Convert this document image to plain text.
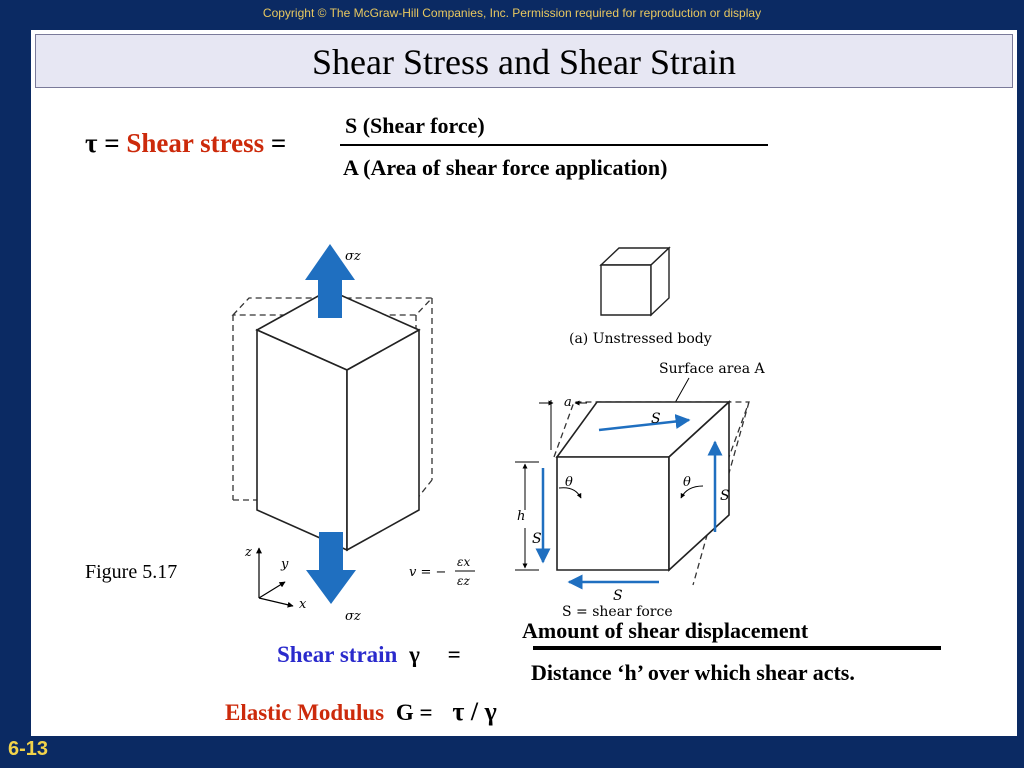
Copyright © The McGraw-Hill Companies, Inc. Permission required for reproduction or display
Shear Stress and Shear Strain
τ = Shear stress =
S (Shear force)
A (Area of shear force application)
σz
σz
z
y
x
v = −
εx
εz
(a) Unstressed body
Surface area A
a
h
θ	θ
S
S
S
S
S = shear force
Figure 5.17
Shear strain γ =
Amount of shear displacement
Distance ‘h’ over which shear acts.
Elastic Modulus G = τ / γ
6-13
